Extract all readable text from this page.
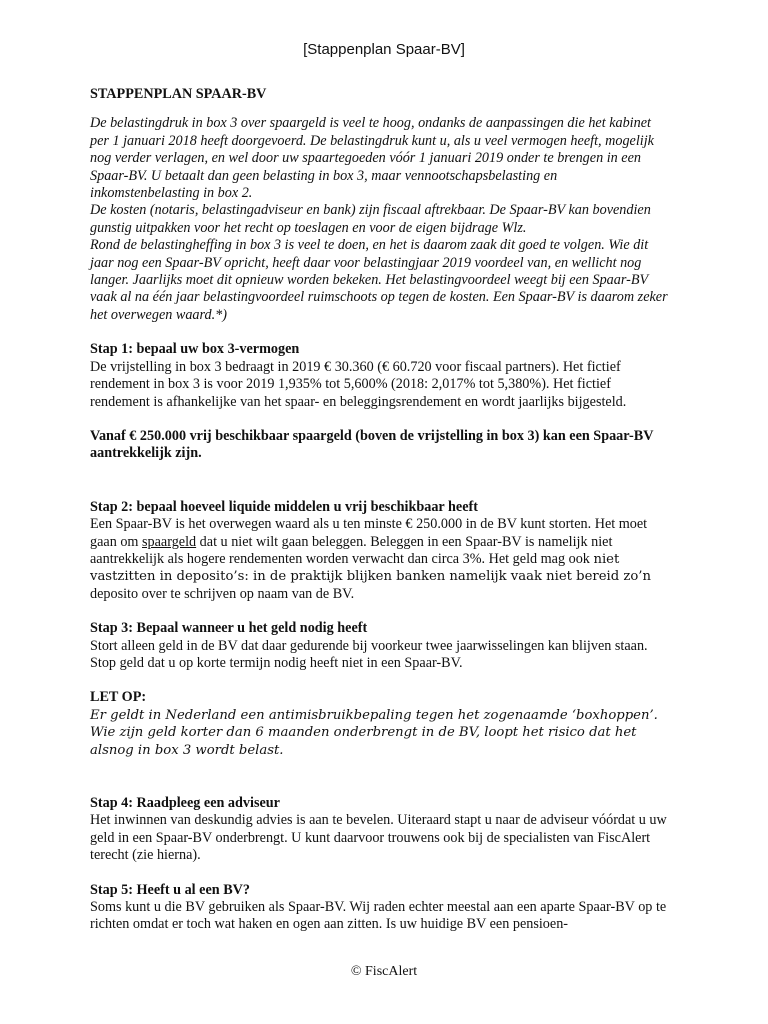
[Stappenplan Spaar-BV]

STAPPENPLAN SPAAR-BV

De belastingdruk in box 3 over spaargeld is veel te hoog, ondanks de aanpassingen die het kabinet per 1 januari 2018 heeft doorgevoerd. De belastingdruk kunt u, als u veel vermogen heeft, mogelijk nog verder verlagen, en wel door uw spaartegoeden vóór 1 januari 2019 onder te brengen in een Spaar-BV. U betaalt dan geen belasting in box 3, maar vennootschapsbelasting en inkomstenbelasting in box 2.

De kosten (notaris, belastingadviseur en bank) zijn fiscaal aftrekbaar. De Spaar-BV kan bovendien gunstig uitpakken voor het recht op toeslagen en voor de eigen bijdrage Wlz.

Rond de belastingheffing in box 3 is veel te doen, en het is daarom zaak dit goed te volgen. Wie dit jaar nog een Spaar-BV opricht, heeft daar voor belastingjaar 2019 voordeel van, en wellicht nog langer. Jaarlijks moet dit opnieuw worden bekeken. Het belastingvoordeel weegt bij een Spaar-BV vaak al na één jaar belastingvoordeel ruimschoots op tegen de kosten. Een Spaar-BV is daarom zeker het overwegen waard.*)

Stap 1: bepaal uw box 3-vermogen

De vrijstelling in box 3 bedraagt in 2019 € 30.360 (€ 60.720 voor fiscaal partners). Het fictief rendement in box 3 is voor 2019 1,935% tot 5,600% (2018: 2,017% tot 5,380%). Het fictief rendement is afhankelijke van het spaar- en beleggingsrendement en wordt jaarlijks bijgesteld.

Vanaf € 250.000 vrij beschikbaar spaargeld (boven de vrijstelling in box 3) kan een Spaar-BV aantrekkelijk zijn.

Stap 2: bepaal hoeveel liquide middelen u vrij beschikbaar heeft

Een Spaar-BV is het overwegen waard als u ten minste € 250.000 in de BV kunt storten. Het moet gaan om spaargeld dat u niet wilt gaan beleggen. Beleggen in een Spaar-BV is namelijk niet aantrekkelijk als hogere rendementen worden verwacht dan circa 3%. Het geld mag ook niet vastzitten in deposito’s: in de praktijk blijken banken namelijk vaak niet bereid zo’n deposito over te schrijven op naam van de BV.

Stap 3: Bepaal wanneer u het geld nodig heeft

Stort alleen geld in de BV dat daar gedurende bij voorkeur twee jaarwisselingen kan blijven staan. Stop geld dat u op korte termijn nodig heeft niet in een Spaar-BV.

LET OP:

Er geldt in Nederland een antimisbruikbepaling tegen het zogenaamde ‘boxhoppen’. Wie zijn geld korter dan 6 maanden onderbrengt in de BV, loopt het risico dat het alsnog in box 3 wordt belast.

Stap 4: Raadpleeg een adviseur

Het inwinnen van deskundig advies is aan te bevelen. Uiteraard stapt u naar de adviseur vóórdat u uw geld in een Spaar-BV onderbrengt. U kunt daarvoor trouwens ook bij de specialisten van FiscAlert terecht (zie hierna).

Stap 5: Heeft u al een BV?

Soms kunt u die BV gebruiken als Spaar-BV. Wij raden echter meestal aan een aparte Spaar-BV op te richten omdat er toch wat haken en ogen aan zitten. Is uw huidige BV een pensioen-

© FiscAlert
